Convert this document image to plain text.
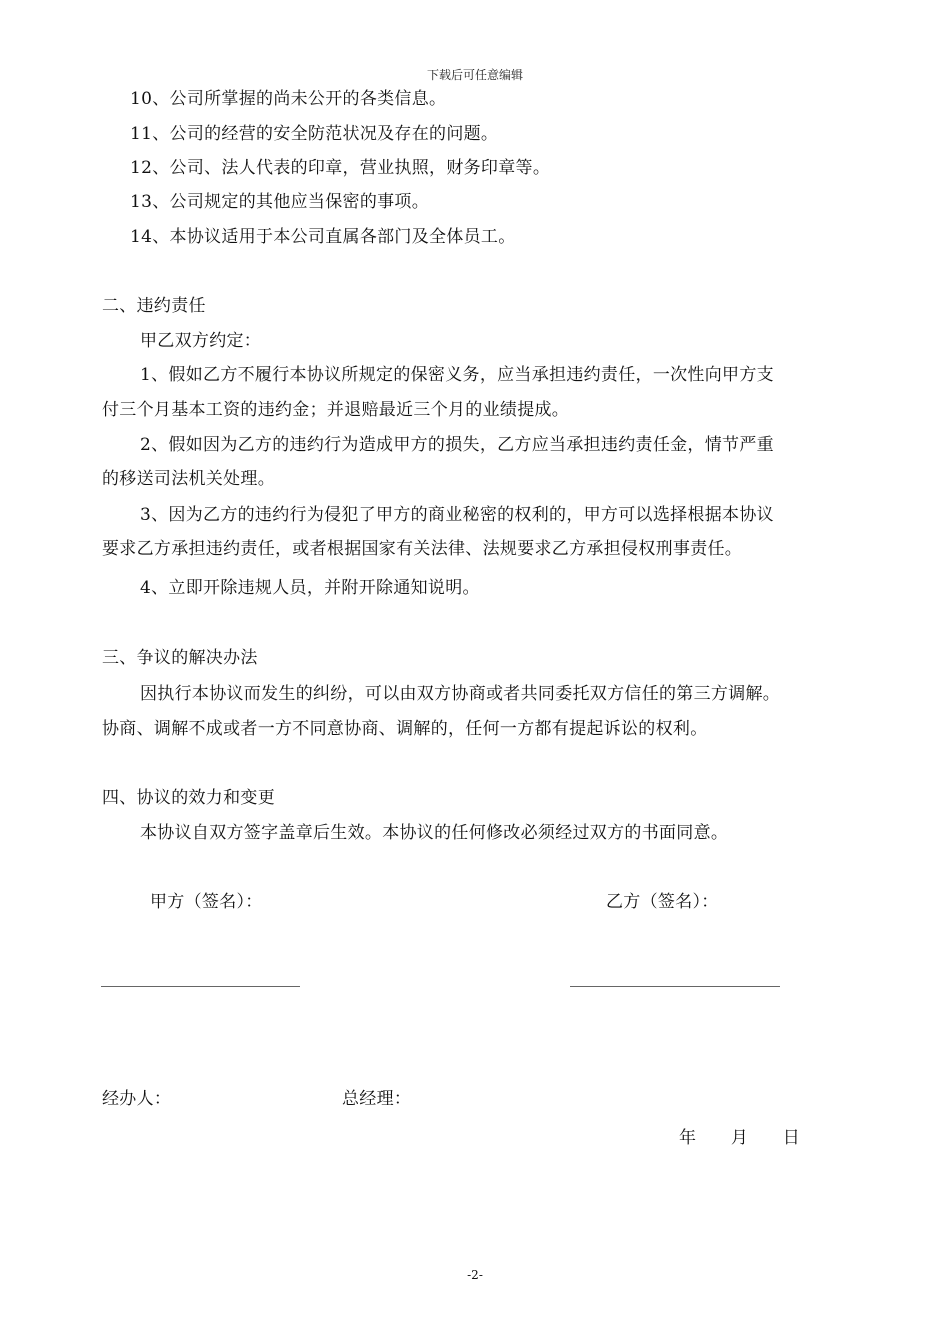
下载后可任意编辑
10、公司所掌握的尚未公开的各类信息。
11、公司的经营的安全防范状况及存在的问题。
12、公司、法人代表的印章，营业执照，财务印章等。
13、公司规定的其他应当保密的事项。
14、本协议适用于本公司直属各部门及全体员工。
二、违约责任
甲乙双方约定：
1、假如乙方不履行本协议所规定的保密义务，应当承担违约责任，一次性向甲方支
付三个月基本工资的违约金；并退赔最近三个月的业绩提成。
2、假如因为乙方的违约行为造成甲方的损失，乙方应当承担违约责任金，情节严重
的移送司法机关处理。
3、因为乙方的违约行为侵犯了甲方的商业秘密的权利的，甲方可以选择根据本协议
要求乙方承担违约责任，或者根据国家有关法律、法规要求乙方承担侵权刑事责任。
4、立即开除违规人员，并附开除通知说明。
三、争议的解决办法
因执行本协议而发生的纠纷，可以由双方协商或者共同委托双方信任的第三方调解。
协商、调解不成或者一方不同意协商、调解的，任何一方都有提起诉讼的权利。
四、协议的效力和变更
本协议自双方签字盖章后生效。本协议的任何修改必须经过双方的书面同意。
甲方（签名）：	乙方（签名）：
经办人：	总经理：
年　　月　　日
-2-
